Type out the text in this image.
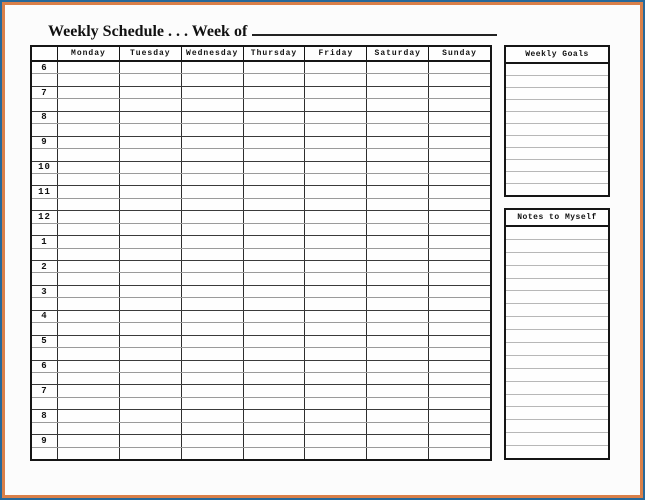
Weekly Schedule . . . Week of
Monday	Tuesday	Wednesday	Thursday	Friday	Saturday	Sunday
6
7
8
9
10
11
12
1
2
3
4
5
6
7
8
9
Weekly Goals
Notes to Myself
